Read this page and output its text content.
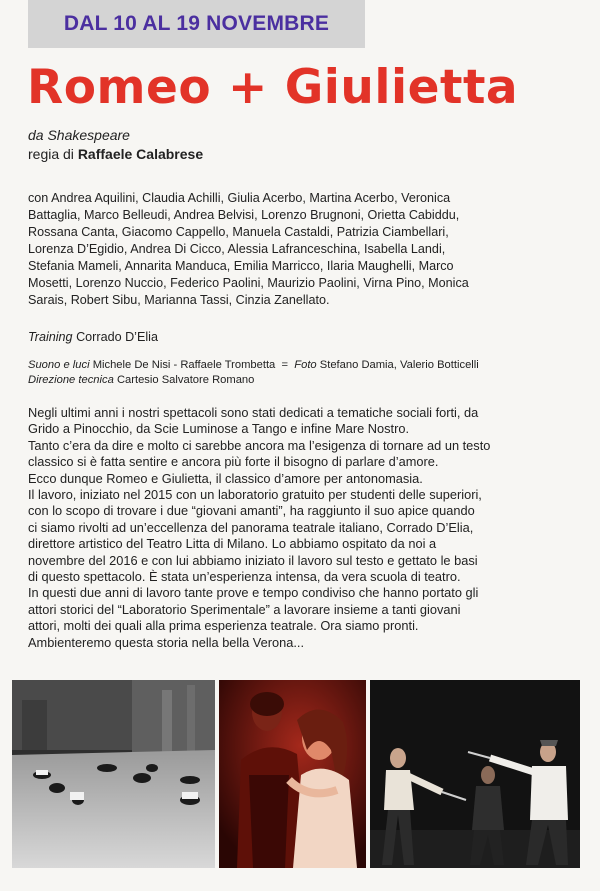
DAL 10 AL 19 NOVEMBRE
Romeo + Giulietta
da Shakespeare
regia di Raffaele Calabrese
con Andrea Aquilini, Claudia Achilli, Giulia Acerbo, Martina Acerbo, Veronica
Battaglia, Marco Belleudi, Andrea Belvisi, Lorenzo Brugnoni, Orietta Cabiddu,
Rossana Canta, Giacomo Cappello, Manuela Castaldi, Patrizia Ciambellari,
Lorenza D’Egidio, Andrea Di Cicco, Alessia Lafranceschina, Isabella Landi,
Stefania Mameli, Annarita Manduca, Emilia Marricco, Ilaria Maughelli, Marco
Mosetti, Lorenzo Nuccio, Federico Paolini, Maurizio Paolini, Virna Pino, Monica
Sarais, Robert Sibu, Marianna Tassi, Cinzia Zanellato.
Training Corrado D’Elia
Suono e luci Michele De Nisi - Raffaele Trombetta = Foto Stefano Damia, Valerio Botticelli
Direzione tecnica Cartesio Salvatore Romano

Negli ultimi anni i nostri spettacoli sono stati dedicati a tematiche sociali forti, da

Grido a Pinocchio, da Scie Luminose a Tango e infine Mare Nostro.

Tanto c’era da dire e molto ci sarebbe ancora ma l’esigenza di tornare ad un testo

classico si è fatta sentire e ancora più forte il bisogno di parlare d’amore.

Ecco dunque Romeo e Giulietta, il classico d’amore per antonomasia.

Il lavoro, iniziato nel 2015 con un laboratorio gratuito per studenti delle superiori,

con lo scopo di trovare i due “giovani amanti”, ha raggiunto il suo apice quando

ci siamo rivolti ad un’eccellenza del panorama teatrale italiano, Corrado D’Elia,

direttore artistico del Teatro Litta di Milano. Lo abbiamo ospitato da noi a

novembre del 2016 e con lui abbiamo iniziato il lavoro sul testo e gettato le basi

di questo spettacolo. È stata un’esperienza intensa, da vera scuola di teatro.

In questi due anni di lavoro tante prove e tempo condiviso che hanno portato gli

attori storici del “Laboratorio Sperimentale” a lavorare insieme a tanti giovani

attori, molti dei quali alla prima esperienza teatrale. Ora siamo pronti.

Ambienteremo questa storia nella bella Verona...
